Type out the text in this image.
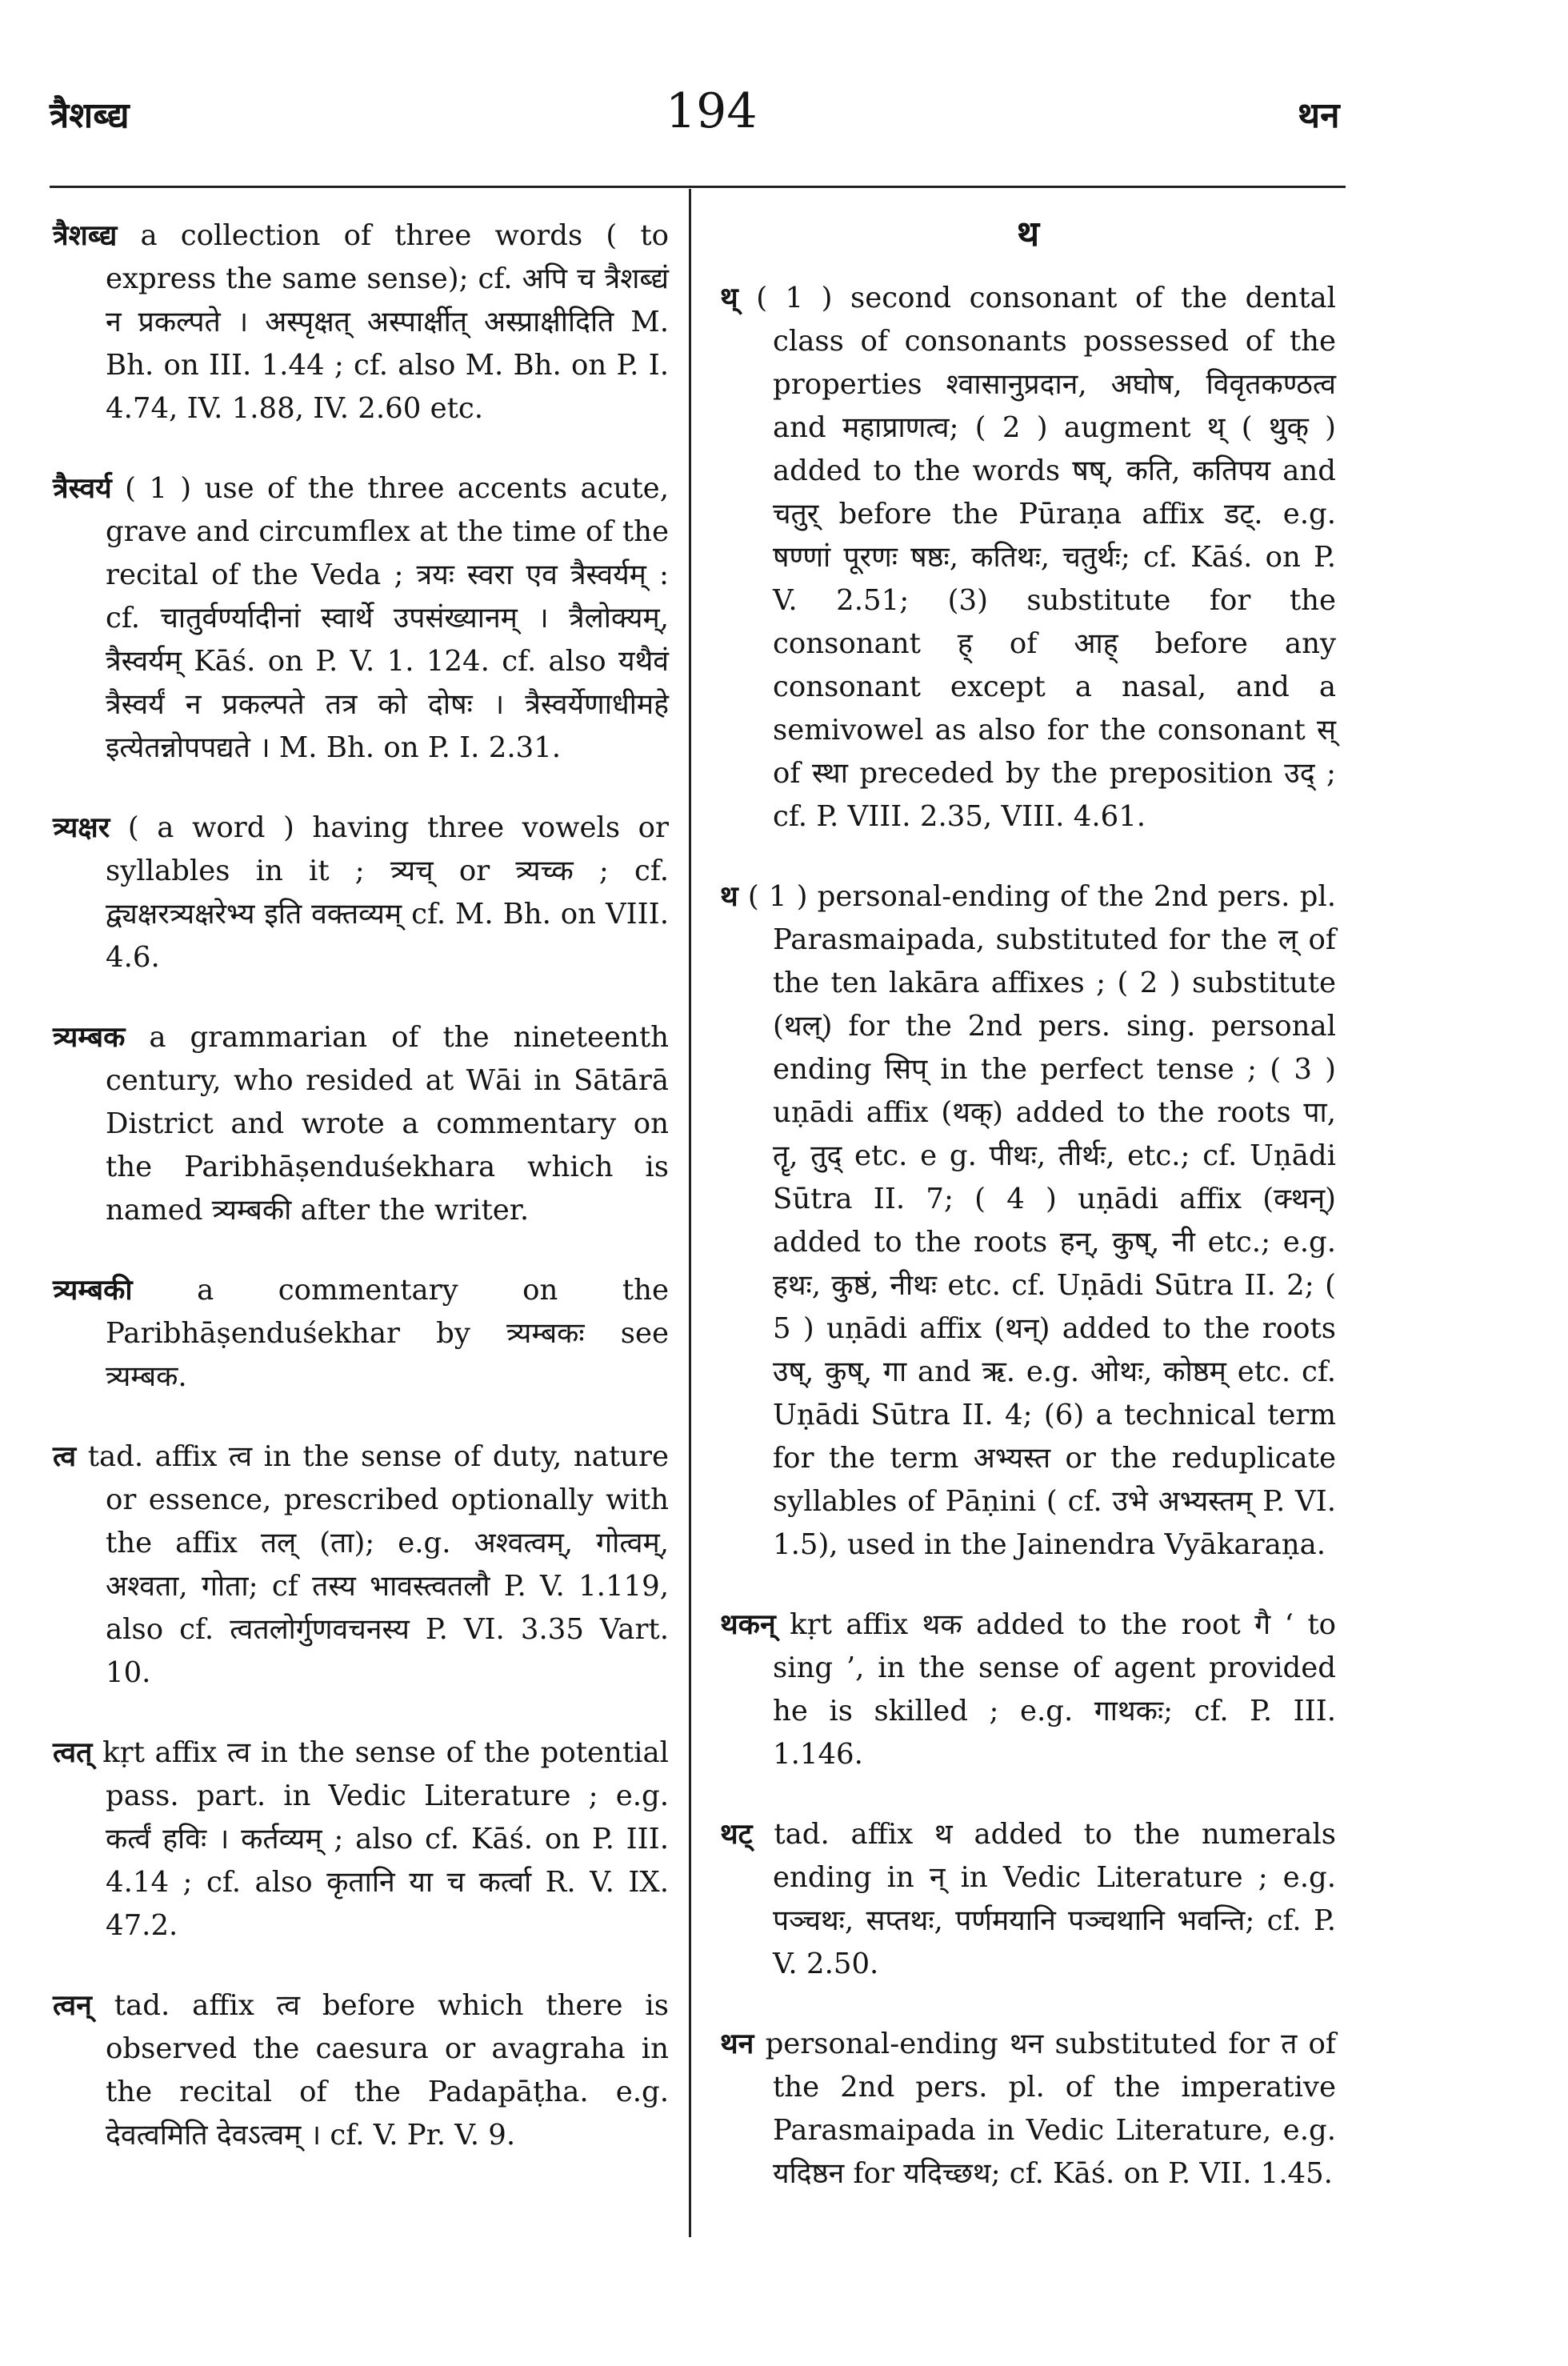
त्रैशब्द्य	194	थन

त्रैशब्द्य a collection of three words ( to express the same sense); cf. अपि च त्रैशब्द्यं न प्रकल्पते । अस्पृक्षत् अस्पार्क्षीत् अस्प्राक्षीदिति M. Bh. on III. 1.44 ; cf. also M. Bh. on P. I. 4.74, IV. 1.88, IV. 2.60 etc.

त्रैस्वर्य ( 1 ) use of the three accents acute, grave and circumflex at the time of the recital of the Veda ; त्रयः स्वरा एव त्रैस्वर्यम् : cf. चातुर्वर्ण्यादीनां स्वार्थे उपसंख्यानम् । त्रैलोक्यम्, त्रैस्वर्यम् Kāś. on P. V. 1. 124. cf. also यथैवं त्रैस्वर्यं न प्रकल्पते तत्र को दोषः । त्रैस्वर्येणाधीमहे इत्येतन्नोपपद्यते । M. Bh. on P. I. 2.31.

त्र्यक्षर ( a word ) having three vowels or syllables in it ; त्र्यच् or त्र्यच्क ; cf. द्व्यक्षरत्र्यक्षरेभ्य इति वक्तव्यम् cf. M. Bh. on VIII. 4.6.

त्र्यम्बक a grammarian of the nineteenth century, who resided at Wāi in Sātārā District and wrote a commentary on the Paribhāṣenduśekhara which is named त्र्यम्बकी after the writer.

त्र्यम्बकी a commentary on the Paribhāṣenduśekhar by त्र्यम्बकः see त्र्यम्बक.

त्व tad. affix त्व in the sense of duty, nature or essence, prescribed optionally with the affix तल् (ता); e.g. अश्वत्वम्, गोत्वम्, अश्वता, गोता; cf तस्य भावस्त्वतलौ P. V. 1.119, also cf. त्वतलोर्गुणवचनस्य P. VI. 3.35 Vart. 10.

त्वत् kṛt affix त्व in the sense of the potential pass. part. in Vedic Literature ; e.g. कर्त्वं हविः । कर्तव्यम् ; also cf. Kāś. on P. III. 4.14 ; cf. also कृतानि या च कर्त्वा R. V. IX. 47.2.

त्वन् tad. affix त्व before which there is observed the caesura or avagraha in the recital of the Padapāṭha. e.g. देवत्वमिति देवऽत्वम् । cf. V. Pr. V. 9.

थ

थ् ( 1 ) second consonant of the dental class of consonants possessed of the properties श्वासानुप्रदान, अघोष, विवृतकण्ठत्व and महाप्राणत्व; ( 2 ) augment थ् ( थुक् ) added to the words षष्, कति, कतिपय and चतुर् before the Pūraṇa affix डट्. e.g. षण्णां पूरणः षष्ठः, कतिथः, चतुर्थः; cf. Kāś. on P. V. 2.51; (3) substitute for the consonant ह् of आह् before any consonant except a nasal, and a semivowel as also for the consonant स् of स्था preceded by the preposition उद् ; cf. P. VIII. 2.35, VIII. 4.61.

थ ( 1 ) personal-ending of the 2nd pers. pl. Parasmaipada, substituted for the ल् of the ten lakāra affixes ; ( 2 ) substitute (थल्) for the 2nd pers. sing. personal ending सिप् in the perfect tense ; ( 3 ) uṇādi affix (थक्) added to the roots पा, तॄ, तुद् etc. e g. पीथः, तीर्थः, etc.; cf. Uṇādi Sūtra II. 7; ( 4 ) uṇādi affix (क्थन्) added to the roots हन्, कुष्, नी etc.; e.g. हथः, कुष्ठं, नीथः etc. cf. Uṇādi Sūtra II. 2; ( 5 ) uṇādi affix (थन्) added to the roots उष्, कुष्, गा and ऋ. e.g. ओथः, कोष्ठम् etc. cf. Uṇādi Sūtra II. 4; (6) a technical term for the term अभ्यस्त or the reduplicate syllables of Pāṇini ( cf. उभे अभ्यस्तम् P. VI. 1.5), used in the Jainendra Vyākaraṇa.

थकन् kṛt affix थक added to the root गै ‘ to sing ’, in the sense of agent provided he is skilled ; e.g. गाथकः; cf. P. III. 1.146.

थट् tad. affix थ added to the numerals ending in न् in Vedic Literature ; e.g. पञ्चथः, सप्तथः, पर्णमयानि पञ्चथानि भवन्ति; cf. P. V. 2.50.

थन personal-ending थन substituted for त of the 2nd pers. pl. of the imperative Parasmaipada in Vedic Literature, e.g. यदिष्ठन for यदिच्छथ; cf. Kāś. on P. VII. 1.45.
